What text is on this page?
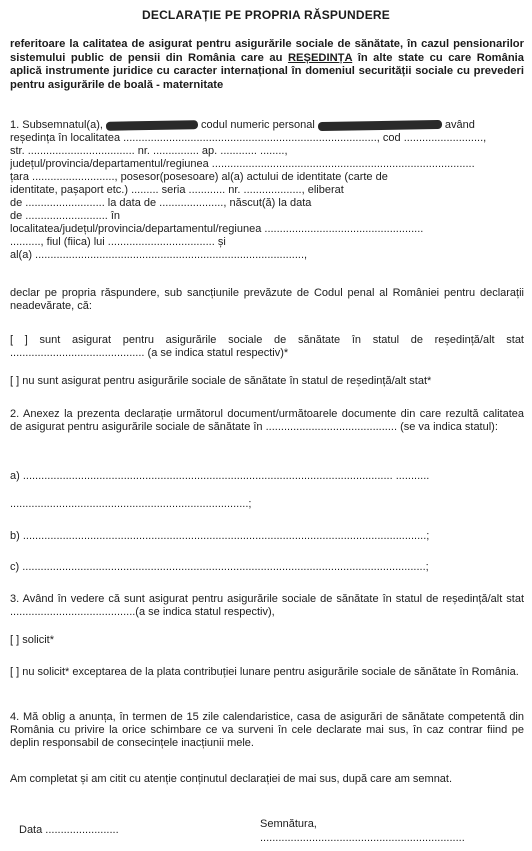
DECLARAȚIE PE PROPRIA RĂSPUNDERE
referitoare la calitatea de asigurat pentru asigurările sociale de sănătate, în cazul pensionarilor sistemului public de pensii din România care au REȘEDINȚA în alte state cu care România aplică instrumente juridice cu caracter internațional în domeniul securității sociale cu prevederi pentru asigurările de boală - maternitate
1. Subsemnatul(a),	codul numeric personal	având
reședința în localitatea ..................................................................................., cod ..........................,
str. ................................... nr. ............... ap. ............ ........,
județul/provincia/departamentul/regiunea ......................................................................................
țara ..........................., posesor(posesoare) al(a) actului de identitate (carte de
identitate, pașaport etc.) ......... seria ............ nr. ..................., eliberat
de .......................... la data de ....................., născut(ă) la data
de ........................... în
localitatea/județul/provincia/departamentul/regiunea ....................................................
.........., fiul (fiica) lui ................................... și
al(a) ........................................................................................,
declar pe propria răspundere, sub sancțiunile prevăzute de Codul penal al României pentru declarații neadevărate, că:
[ ] sunt asigurat pentru asigurările sociale de sănătate în statul de reședință/alt stat ............................................ (a se indica statul respectiv)*
[ ] nu sunt asigurat pentru asigurările sociale de sănătate în statul de reședință/alt stat*
2. Anexez la prezenta declarație următorul document/următoarele documente din care rezultă calitatea de asigurat pentru asigurările sociale de sănătate în ........................................... (se va indica statul):
a) ......................................................................................................................... ...........
..............................................................................;
b) ....................................................................................................................................;
c) ....................................................................................................................................;
3. Având în vedere că sunt asigurat pentru asigurările sociale de sănătate în statul de reședință/alt stat .........................................(a se indica statul respectiv),
[ ] solicit*
[ ] nu solicit* exceptarea de la plata contribuției lunare pentru asigurările sociale de sănătate în România.
4. Mă oblig a anunța, în termen de 15 zile calendaristice, casa de asigurări de sănătate competentă din România cu privire la orice schimbare ce va surveni în cele declarate mai sus, în caz contrar fiind pe deplin responsabil de consecințele inacțiunii mele.
Am completat și am citit cu atenție conținutul declarației de mai sus, după care am semnat.
Data ........................	Semnătura,
...................................................................
